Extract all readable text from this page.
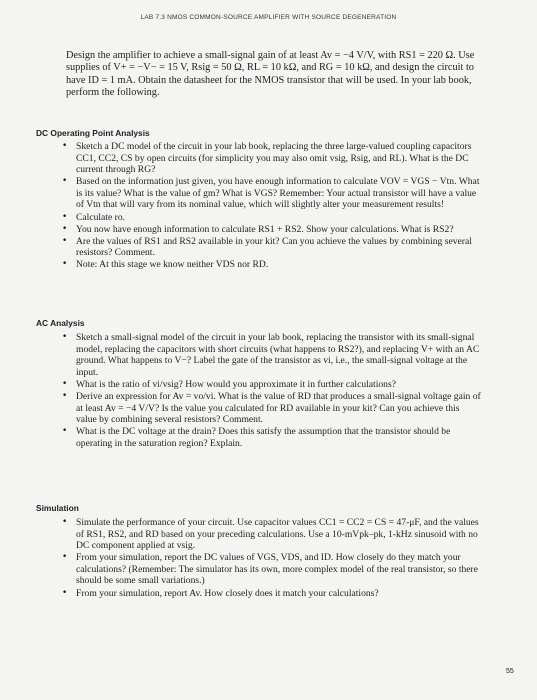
LAB 7.3 NMOS COMMON-SOURCE AMPLIFIER WITH SOURCE DEGENERATION
Design the amplifier to achieve a small-signal gain of at least Av = −4 V/V, with RS1 = 220 Ω. Use supplies of V+ = −V− = 15 V, Rsig = 50 Ω, RL = 10 kΩ, and RG = 10 kΩ, and design the circuit to have ID = 1 mA. Obtain the datasheet for the NMOS transistor that will be used. In your lab book, perform the following.
DC Operating Point Analysis
• Sketch a DC model of the circuit in your lab book, replacing the three large-valued coupling capacitors CC1, CC2, CS by open circuits (for simplicity you may also omit vsig, Rsig, and RL). What is the DC current through RG?
• Based on the information just given, you have enough information to calculate VOV = VGS − Vtn. What is its value? What is the value of gm? What is VGS? Remember: Your actual transistor will have a value of Vtn that will vary from its nominal value, which will slightly alter your measurement results!
• Calculate ro.
• You now have enough information to calculate RS1 + RS2. Show your calculations. What is RS2?
• Are the values of RS1 and RS2 available in your kit? Can you achieve the values by combining several resistors? Comment.
• Note: At this stage we know neither VDS nor RD.
AC Analysis
• Sketch a small-signal model of the circuit in your lab book, replacing the transistor with its small-signal model, replacing the capacitors with short circuits (what happens to RS2?), and replacing V+ with an AC ground. What happens to V−? Label the gate of the transistor as vi, i.e., the small-signal voltage at the input.
• What is the ratio of vi/vsig? How would you approximate it in further calculations?
• Derive an expression for Av = vo/vi. What is the value of RD that produces a small-signal voltage gain of at least Av = −4 V/V? Is the value you calculated for RD available in your kit? Can you achieve this value by combining several resistors? Comment.
• What is the DC voltage at the drain? Does this satisfy the assumption that the transistor should be operating in the saturation region? Explain.
Simulation
• Simulate the performance of your circuit. Use capacitor values CC1 = CC2 = CS = 47-μF, and the values of RS1, RS2, and RD based on your preceding calculations. Use a 10-mVpk–pk, 1-kHz sinusoid with no DC component applied at vsig.
• From your simulation, report the DC values of VGS, VDS, and ID. How closely do they match your calculations? (Remember: The simulator has its own, more complex model of the real transistor, so there should be some small variations.)
• From your simulation, report Av. How closely does it match your calculations?
55
